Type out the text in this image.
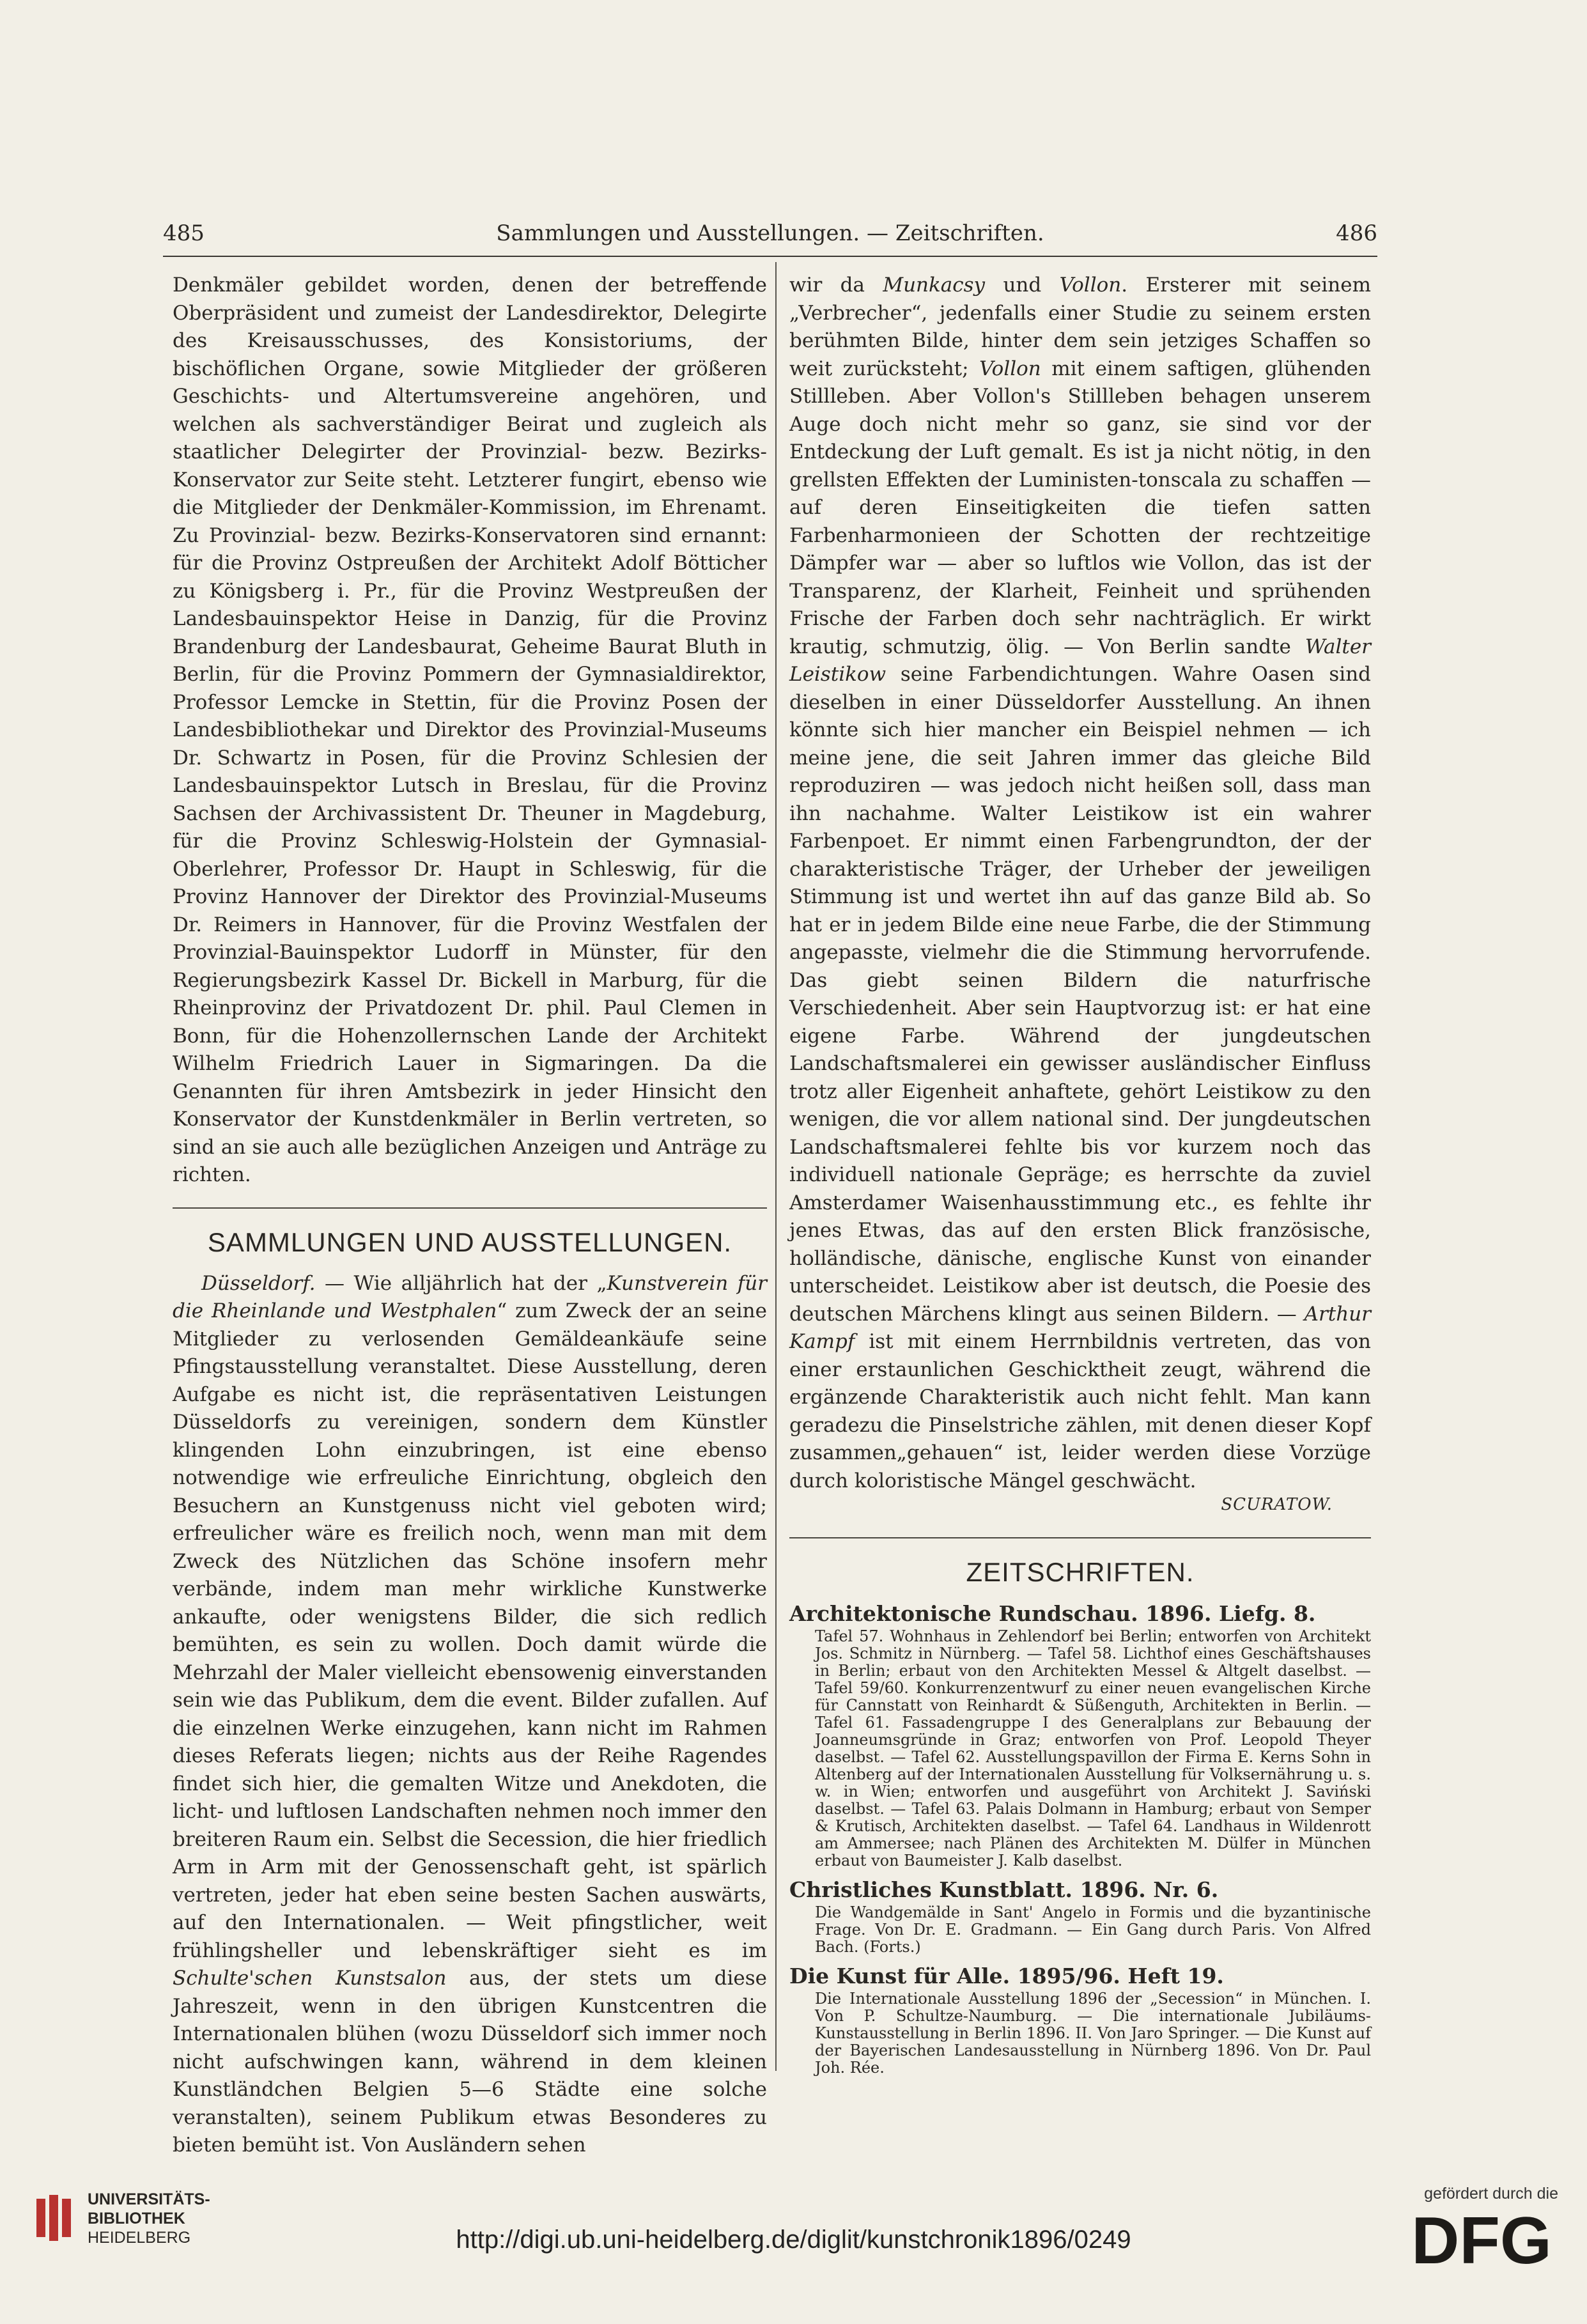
485	Sammlungen und Ausstellungen. — Zeitschriften.	486

Denkmäler gebildet worden, denen der betreffende Oberpräsident und zumeist der Landesdirektor, Delegirte des Kreisausschusses, des Konsistoriums, der bischöflichen Organe, sowie Mitglieder der größeren Geschichts- und Altertumsvereine angehören, und welchen als sachverständiger Beirat und zugleich als staatlicher Delegirter der Provinzial- bezw. Bezirks-Konservator zur Seite steht. Letzterer fungirt, ebenso wie die Mitglieder der Denkmäler-Kommission, im Ehrenamt. Zu Provinzial- bezw. Bezirks-Konservatoren sind ernannt: für die Provinz Ostpreußen der Architekt Adolf Bötticher zu Königsberg i. Pr., für die Provinz Westpreußen der Landesbauinspektor Heise in Danzig, für die Provinz Brandenburg der Landesbaurat, Geheime Baurat Bluth in Berlin, für die Provinz Pommern der Gymnasialdirektor, Professor Lemcke in Stettin, für die Provinz Posen der Landesbibliothekar und Direktor des Provinzial-Museums Dr. Schwartz in Posen, für die Provinz Schlesien der Landesbauinspektor Lutsch in Breslau, für die Provinz Sachsen der Archivassistent Dr. Theuner in Magdeburg, für die Provinz Schleswig-Holstein der Gymnasial-Oberlehrer, Professor Dr. Haupt in Schleswig, für die Provinz Hannover der Direktor des Provinzial-Museums Dr. Reimers in Hannover, für die Provinz Westfalen der Provinzial-Bauinspektor Ludorff in Münster, für den Regierungsbezirk Kassel Dr. Bickell in Marburg, für die Rheinprovinz der Privatdozent Dr. phil. Paul Clemen in Bonn, für die Hohenzollernschen Lande der Architekt Wilhelm Friedrich Lauer in Sigmaringen. Da die Genannten für ihren Amtsbezirk in jeder Hinsicht den Konservator der Kunstdenkmäler in Berlin vertreten, so sind an sie auch alle bezüglichen Anzeigen und Anträge zu richten.

SAMMLUNGEN UND AUSSTELLUNGEN.

Düsseldorf. — Wie alljährlich hat der „Kunstverein für die Rheinlande und Westphalen“ zum Zweck der an seine Mitglieder zu verlosenden Gemäldeankäufe seine Pfingstausstellung veranstaltet. Diese Ausstellung, deren Aufgabe es nicht ist, die repräsentativen Leistungen Düsseldorfs zu vereinigen, sondern dem Künstler klingenden Lohn einzubringen, ist eine ebenso notwendige wie erfreuliche Einrichtung, obgleich den Besuchern an Kunstgenuss nicht viel geboten wird; erfreulicher wäre es freilich noch, wenn man mit dem Zweck des Nützlichen das Schöne insofern mehr verbände, indem man mehr wirkliche Kunstwerke ankaufte, oder wenigstens Bilder, die sich redlich bemühten, es sein zu wollen. Doch damit würde die Mehrzahl der Maler vielleicht ebensowenig einverstanden sein wie das Publikum, dem die event. Bilder zufallen. Auf die einzelnen Werke einzugehen, kann nicht im Rahmen dieses Referats liegen; nichts aus der Reihe Ragendes findet sich hier, die gemalten Witze und Anekdoten, die licht- und luftlosen Landschaften nehmen noch immer den breiteren Raum ein. Selbst die Secession, die hier friedlich Arm in Arm mit der Genossenschaft geht, ist spärlich vertreten, jeder hat eben seine besten Sachen auswärts, auf den Internationalen. — Weit pfingstlicher, weit frühlingsheller und lebenskräftiger sieht es im Schulte'schen Kunstsalon aus, der stets um diese Jahreszeit, wenn in den übrigen Kunstcentren die Internationalen blühen (wozu Düsseldorf sich immer noch nicht aufschwingen kann, während in dem kleinen Kunstländchen Belgien 5—6 Städte eine solche veranstalten), seinem Publikum etwas Besonderes zu bieten bemüht ist. Von Ausländern sehen

wir da Munkacsy und Vollon. Ersterer mit seinem „Verbrecher“, jedenfalls einer Studie zu seinem ersten berühmten Bilde, hinter dem sein jetziges Schaffen so weit zurücksteht; Vollon mit einem saftigen, glühenden Stillleben. Aber Vollon's Stillleben behagen unserem Auge doch nicht mehr so ganz, sie sind vor der Entdeckung der Luft gemalt. Es ist ja nicht nötig, in den grellsten Effekten der Luministen-tonscala zu schaffen — auf deren Einseitigkeiten die tiefen satten Farbenharmonieen der Schotten der rechtzeitige Dämpfer war — aber so luftlos wie Vollon, das ist der Transparenz, der Klarheit, Feinheit und sprühenden Frische der Farben doch sehr nachträglich. Er wirkt krautig, schmutzig, ölig. — Von Berlin sandte Walter Leistikow seine Farbendichtungen. Wahre Oasen sind dieselben in einer Düsseldorfer Ausstellung. An ihnen könnte sich hier mancher ein Beispiel nehmen — ich meine jene, die seit Jahren immer das gleiche Bild reproduziren — was jedoch nicht heißen soll, dass man ihn nachahme. Walter Leistikow ist ein wahrer Farbenpoet. Er nimmt einen Farbengrundton, der der charakteristische Träger, der Urheber der jeweiligen Stimmung ist und wertet ihn auf das ganze Bild ab. So hat er in jedem Bilde eine neue Farbe, die der Stimmung angepasste, vielmehr die die Stimmung hervorrufende. Das giebt seinen Bildern die naturfrische Verschiedenheit. Aber sein Hauptvorzug ist: er hat eine eigene Farbe. Während der jungdeutschen Landschaftsmalerei ein gewisser ausländischer Einfluss trotz aller Eigenheit anhaftete, gehört Leistikow zu den wenigen, die vor allem national sind. Der jungdeutschen Landschaftsmalerei fehlte bis vor kurzem noch das individuell nationale Gepräge; es herrschte da zuviel Amsterdamer Waisenhausstimmung etc., es fehlte ihr jenes Etwas, das auf den ersten Blick französische, holländische, dänische, englische Kunst von einander unterscheidet. Leistikow aber ist deutsch, die Poesie des deutschen Märchens klingt aus seinen Bildern. — Arthur Kampf ist mit einem Herrnbildnis vertreten, das von einer erstaunlichen Geschicktheit zeugt, während die ergänzende Charakteristik auch nicht fehlt. Man kann geradezu die Pinselstriche zählen, mit denen dieser Kopf zusammen„gehauen“ ist, leider werden diese Vorzüge durch koloristische Mängel geschwächt.

SCURATOW.
ZEITSCHRIFTEN.
Architektonische Rundschau. 1896. Liefg. 8.
Tafel 57. Wohnhaus in Zehlendorf bei Berlin; entworfen von Architekt Jos. Schmitz in Nürnberg. — Tafel 58. Lichthof eines Geschäftshauses in Berlin; erbaut von den Architekten Messel & Altgelt daselbst. — Tafel 59/60. Konkurrenzentwurf zu einer neuen evangelischen Kirche für Cannstatt von Reinhardt & Süßenguth, Architekten in Berlin. — Tafel 61. Fassadengruppe I des Generalplans zur Bebauung der Joanneumsgründe in Graz; entworfen von Prof. Leopold Theyer daselbst. — Tafel 62. Ausstellungspavillon der Firma E. Kerns Sohn in Altenberg auf der Internationalen Ausstellung für Volksernährung u. s. w. in Wien; entworfen und ausgeführt von Architekt J. Saviński daselbst. — Tafel 63. Palais Dolmann in Hamburg; erbaut von Semper & Krutisch, Architekten daselbst. — Tafel 64. Landhaus in Wildenrott am Ammersee; nach Plänen des Architekten M. Dülfer in München erbaut von Baumeister J. Kalb daselbst.
Christliches Kunstblatt. 1896. Nr. 6.
Die Wandgemälde in Sant' Angelo in Formis und die byzantinische Frage. Von Dr. E. Gradmann. — Ein Gang durch Paris. Von Alfred Bach. (Forts.)
Die Kunst für Alle. 1895/96. Heft 19.
Die Internationale Ausstellung 1896 der „Secession“ in München. I. Von P. Schultze-Naumburg. — Die internationale Jubiläums-Kunstausstellung in Berlin 1896. II. Von Jaro Springer. — Die Kunst auf der Bayerischen Landesausstellung in Nürnberg 1896. Von Dr. Paul Joh. Rée.
UNIVERSITÄTS-
BIBLIOTHEK
HEIDELBERG	http://digi.ub.uni-heidelberg.de/diglit/kunstchronik1896/0249
gefördert durch die
DFG
